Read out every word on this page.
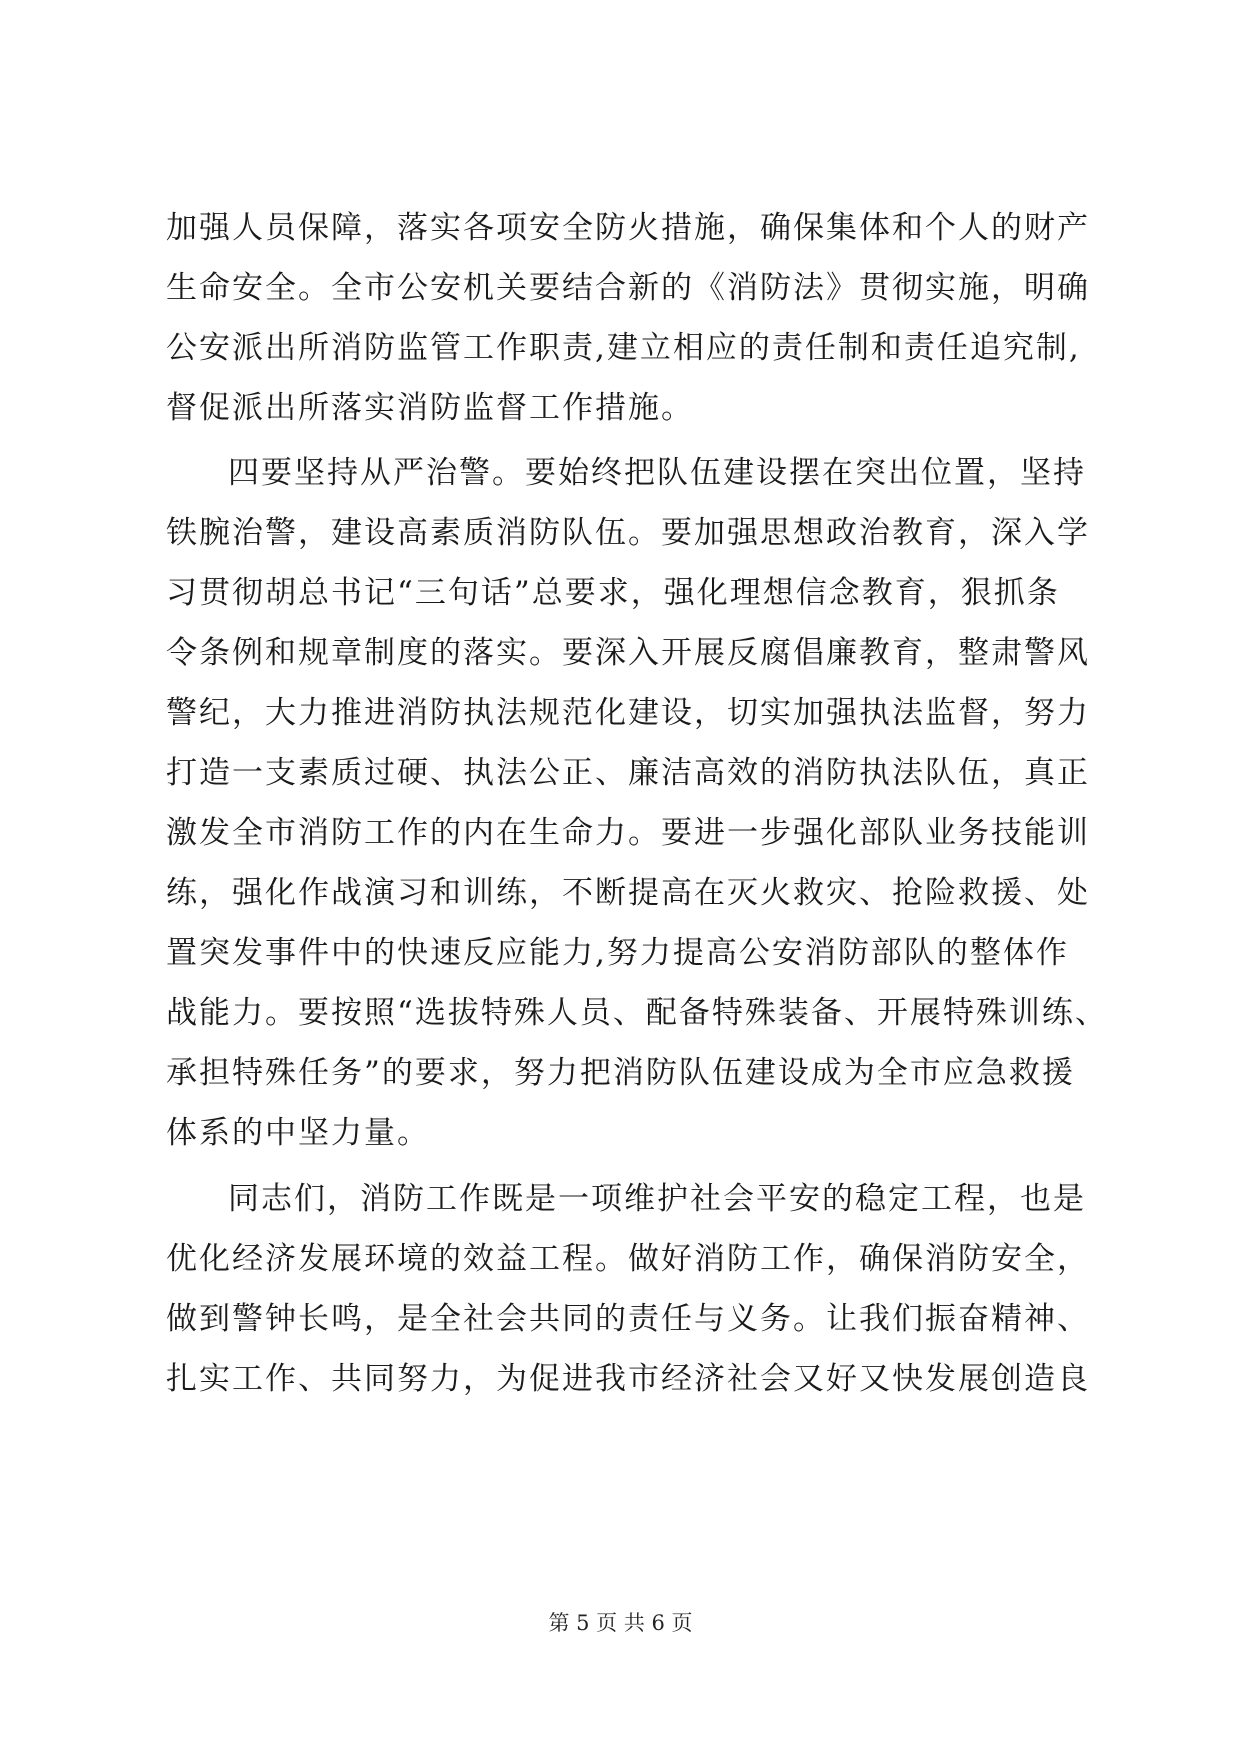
加强人员保障，落实各项安全防火措施，确保集体和个人的财产
生命安全。全市公安机关要结合新的《消防法》贯彻实施，明确
公安派出所消防监管工作职责,建立相应的责任制和责任追究制,
督促派出所落实消防监督工作措施。
四要坚持从严治警。要始终把队伍建设摆在突出位置，坚持
铁腕治警，建设高素质消防队伍。要加强思想政治教育，深入学
习贯彻胡总书记“三句话”总要求，强化理想信念教育，狠抓条
令条例和规章制度的落实。要深入开展反腐倡廉教育，整肃警风
警纪，大力推进消防执法规范化建设，切实加强执法监督，努力
打造一支素质过硬、执法公正、廉洁高效的消防执法队伍，真正
激发全市消防工作的内在生命力。要进一步强化部队业务技能训
练，强化作战演习和训练，不断提高在灭火救灾、抢险救援、处
置突发事件中的快速反应能力,努力提高公安消防部队的整体作
战能力。要按照“选拔特殊人员、配备特殊装备、开展特殊训练、
承担特殊任务”的要求，努力把消防队伍建设成为全市应急救援
体系的中坚力量。
同志们，消防工作既是一项维护社会平安的稳定工程，也是
优化经济发展环境的效益工程。做好消防工作，确保消防安全，
做到警钟长鸣，是全社会共同的责任与义务。让我们振奋精神、
扎实工作、共同努力，为促进我市经济社会又好又快发展创造良
第 5 页 共 6 页
